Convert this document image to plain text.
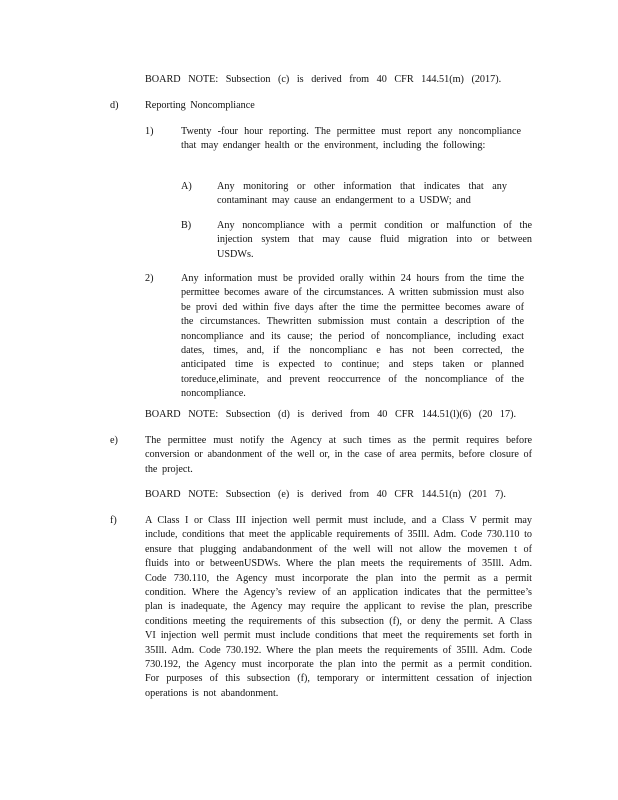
BOARD NOTE: Subsection (c) is derived from 40 CFR 144.51(m) (2017).

d)	Reporting Noncompliance

1)	Twenty -four hour reporting. The permittee must report any noncompliance that may endanger health or the environment, including the following:

A) Any monitoring or other information that indicates that any contaminant may cause an endangerment to a USDW; and

B)	Any noncompliance with a permit condition or malfunction of the injection system that may cause fluid migration into or between USDWs.

2)	Any information must be provided orally within 24 hours from the time the permittee becomes aware of the circumstances. A written submission must also be provi ded within five days after the time the permittee becomes aware of the circumstances. Thewritten submission must contain a description of the noncompliance and its cause; the period of noncompliance, including exact dates, times, and, if the noncomplianc e has not been corrected, the anticipated time is expected to continue; and steps taken or planned toreduce,eliminate, and prevent reoccurrence of the noncompliance of the noncompliance.

BOARD NOTE: Subsection (d) is derived from 40 CFR 144.51(l)(6) (20 17).

e)	The permittee must notify the Agency at such times as the permit requires before conversion or abandonment of the well or, in the case of area permits, before closure of the project.

BOARD NOTE: Subsection (e) is derived from 40 CFR 144.51(n) (201 7).

f)	A Class I or Class III injection well permit must include, and a Class V permit may include, conditions that meet the applicable requirements of 35Ill. Adm. Code 730.110 to ensure that plugging andabandonment of the well will not allow the movemen t of fluids into or betweenUSDWs. Where the plan meets the requirements of 35Ill. Adm. Code 730.110, the Agency must incorporate the plan into the permit as a permit condition. Where the Agency’s review of an application indicates that the permittee’s plan is inadequate, the Agency may require the applicant to revise the plan, prescribe conditions meeting the requirements of this subsection (f), or deny the permit. A Class VI injection well permit must include conditions that meet the requirements set forth in 35Ill. Adm. Code 730.192. Where the plan meets the requirements of 35Ill. Adm. Code 730.192, the Agency must incorporate the plan into the permit as a permit condition. For purposes of this subsection (f), temporary or intermittent cessation of injection operations is not abandonment.
